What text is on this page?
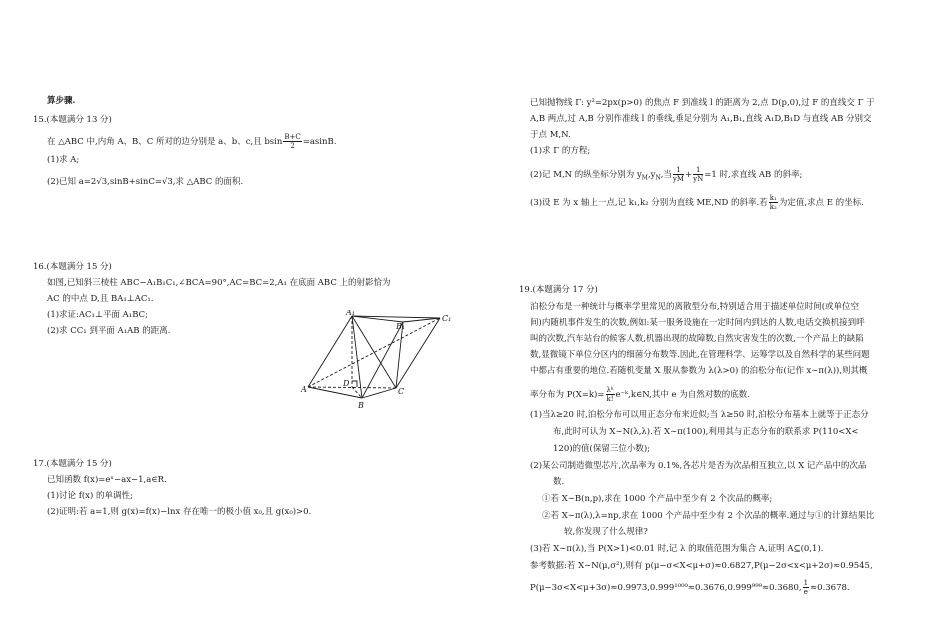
算步骤.
15.(本题满分 13 分)
在 △ABC 中,内角 A、B、C 所对的边分别是 a、b、c,且 bsin $\frac{B+C}{2} =asinB$.
(1)求 A;
(2)已知 a=2√3,sinB+sinC=√3,求 △ABC 的面积.
16.(本题满分 15 分)
如图,已知斜三棱柱 ABC−A₁B₁C₁,∠BCA=90°,AC=BC=2,A₁ 在底面 ABC 上的射影恰为
AC 的中点 D,且 BA₁⊥AC₁.
(1)求证:AC₁⊥平面 A₁BC;
(2)求 CC₁ 到平面 A₁AB 的距离.
A₁
B₁
C₁
A
B
C
D
17.(本题满分 15 分)
已知函数 f(x)=eˣ−ax−1,a∈R.
(1)讨论 f(x) 的单调性;
(2)证明:若 a=1,则 g(x)=f(x)−lnx 存在唯一的极小值 x₀,且 g(x₀)>0.
已知抛物线 Γ: y²=2px(p>0) 的焦点 F 到准线 l 的距离为 2,点 D(p,0),过 F 的直线交 Γ 于
A,B 两点,过 A,B 分别作准线 l 的垂线,垂足分别为 A₁,B₁,直线 A₁D,B₁D 与直线 AB 分别交
于点 M,N.
(1)求 Γ 的方程;
(2)记 M,N 的纵坐标分别为 $y_M,y_N$,当 $\frac{1}{yM} + \frac{1}{yN} =1$ 时,求直线 AB 的斜率;
(3)设 E 为 x 轴上一点,记 k₁,k₂ 分别为直线 ME,ND 的斜率.若 $\frac{\text{k₁}}{\text{k₂}}$ 为定值,求点 E 的坐标.
19.(本题满分 17 分)
泊松分布是一种统计与概率学里常见的离散型分布,特别适合用于描述单位时间(或单位空
间)内随机事件发生的次数,例如:某一服务设施在一定时间内到达的人数,电话交换机接到呼
叫的次数,汽车站台的候客人数,机器出现的故障数,自然灾害发生的次数,一个产品上的缺陷
数,显微镜下单位分区内的细菌分布数等.因此,在管理科学、运筹学以及自然科学的某些问题
中都占有重要的地位.若随机变量 X 服从参数为 λ(λ>0) 的泊松分布(记作 x∼π(λ)),则其概
率分布为 $P(X=k)= \frac{\text{λᵏ}}{k!}$ e⁻ᵏ,k∈N,其中 e 为自然对数的底数.
(1)当λ≥20 时,泊松分布可以用正态分布来近似;当 λ≥50 时,泊松分布基本上就等于正态分
布,此时可认为 X∼N(λ,λ).若 X∼π(100),利用其与正态分布的联系求 P(110<X<
120)的值(保留三位小数);
(2)某公司制造微型芯片,次品率为 0.1%,各芯片是否为次品相互独立,以 X 记产品中的次品
数.
①若 X∼B(n,p),求在 1000 个产品中至少有 2 个次品的概率;
②若 X∼π(λ),λ=np,求在 1000 个产品中至少有 2 个次品的概率.通过与①的计算结果比
较,你发现了什么规律?
(3)若 X∼π(λ),当 P(X>1)<0.01 时,记 λ 的取值范围为集合 A,证明 A⊆(0,1).
参考数据:若 X∼N(μ,σ²),则有 p(μ−σ<X<μ+σ)≈0.6827,P(μ−2σ<x<μ+2σ)≈0.9545,
P(μ−3σ<X<μ+3σ)≈0.9973,0.999¹⁰⁰⁰≈0.3676,0.999⁹⁹⁹≈0.3680, $\frac{1}{e} \approx 0.3678$.
